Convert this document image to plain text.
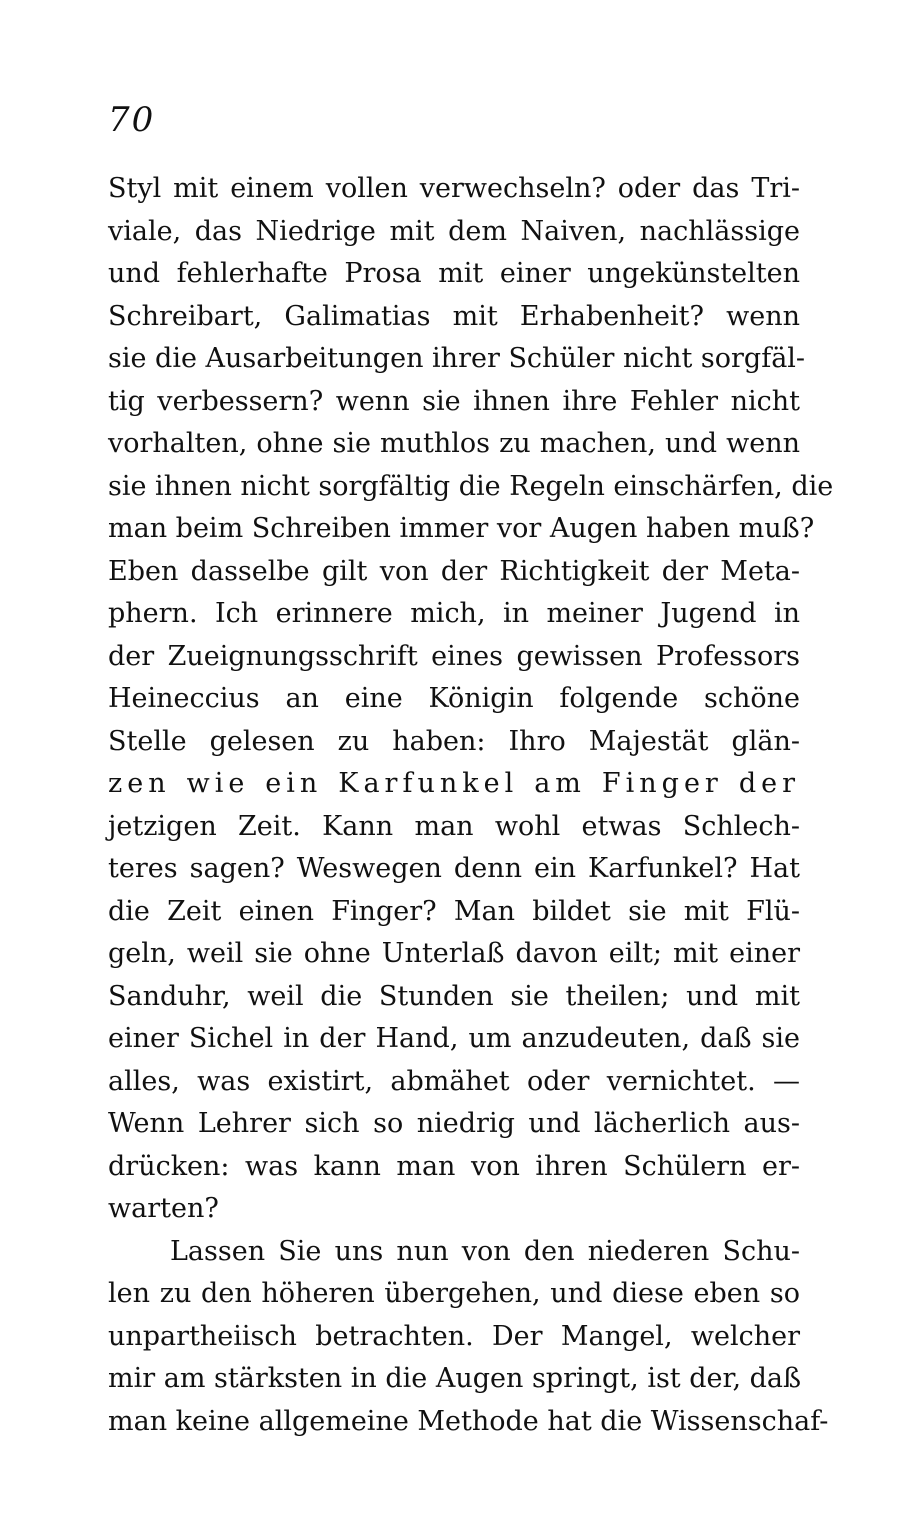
70
Styl mit einem vollen verwechseln? oder das Tri-
viale, das Niedrige mit dem Naiven, nachlässige
und fehlerhafte Prosa mit einer ungekünstelten
Schreibart, Galimatias mit Erhabenheit? wenn
sie die Ausarbeitungen ihrer Schüler nicht sorgfäl-
tig verbessern? wenn sie ihnen ihre Fehler nicht
vorhalten, ohne sie muthlos zu machen, und wenn
sie ihnen nicht sorgfältig die Regeln einschärfen, die
man beim Schreiben immer vor Augen haben muß?
Eben dasselbe gilt von der Richtigkeit der Meta-
phern. Ich erinnere mich, in meiner Jugend in
der Zueignungsschrift eines gewissen Professors
Heineccius an eine Königin folgende schöne
Stelle gelesen zu haben: Ihro Majestät glän-
zen wie ein Karfunkel am Finger der
jetzigen Zeit. Kann man wohl etwas Schlech-
teres sagen? Weswegen denn ein Karfunkel? Hat
die Zeit einen Finger? Man bildet sie mit Flü-
geln, weil sie ohne Unterlaß davon eilt; mit einer
Sanduhr, weil die Stunden sie theilen; und mit
einer Sichel in der Hand, um anzudeuten, daß sie
alles, was existirt, abmähet oder vernichtet. —
Wenn Lehrer sich so niedrig und lächerlich aus-
drücken: was kann man von ihren Schülern er-
warten?
Lassen Sie uns nun von den niederen Schu-
len zu den höheren übergehen, und diese eben so
unpartheiisch betrachten. Der Mangel, welcher
mir am stärksten in die Augen springt, ist der, daß
man keine allgemeine Methode hat die Wissenschaf-
